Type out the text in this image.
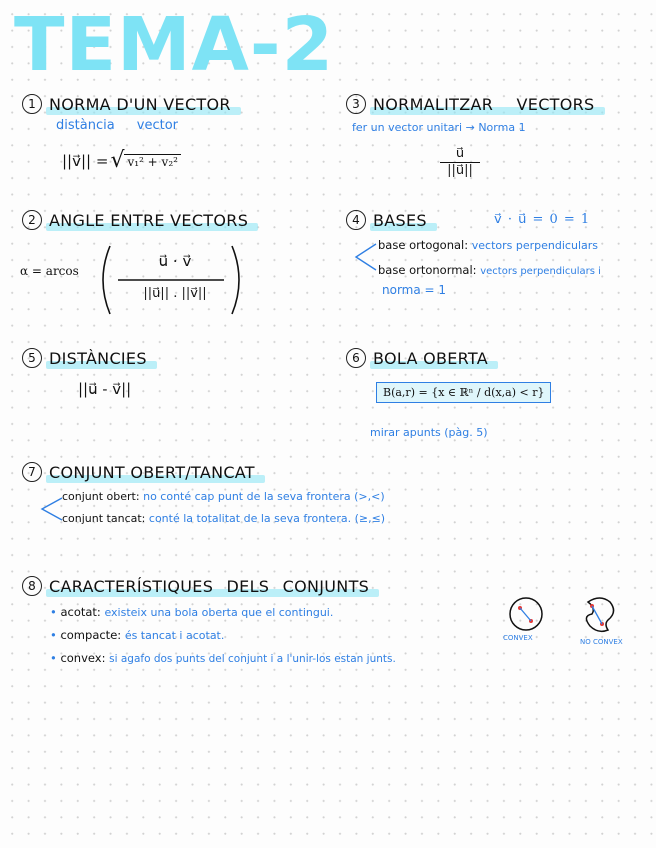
TEMA-2
1 NORMA D'UN VECTOR
distància vector
||v⃗|| = √ v₁² + v₂²
2 ANGLE ENTRE VECTORS
α = arcos
u⃗ · v⃗
||u⃗|| . ||v⃗||
3 NORMALITZAR VECTORS
fer un vector unitari → Norma 1
$\frac{u⃗}{||u⃗||}$
4 BASES	v⃗ · u⃗ = 0 = 1
base ortogonal: vectors perpendiculars
base ortonormal: vectors perpendiculars i
norma = 1
5 DISTÀNCIES
||u⃗ - v⃗||
6 BOLA OBERTA
B(a,r) = {x ∈ ℝⁿ / d(x,a) < r}
mirar apunts (pàg. 5)
7 CONJUNT OBERT/TANCAT
conjunt obert: no conté cap punt de la seva frontera (>,<)
conjunt tancat: conté la totalitat de la seva frontera. (≥,≤)
8 CARACTERÍSTIQUES DELS CONJUNTS
• acotat: existeix una bola oberta que el contingui.
• compacte: és tancat i acotat.
• convex: si agafo dos punts del conjunt i a l'unir-los estan junts.
CONVEX	NO CONVEX
